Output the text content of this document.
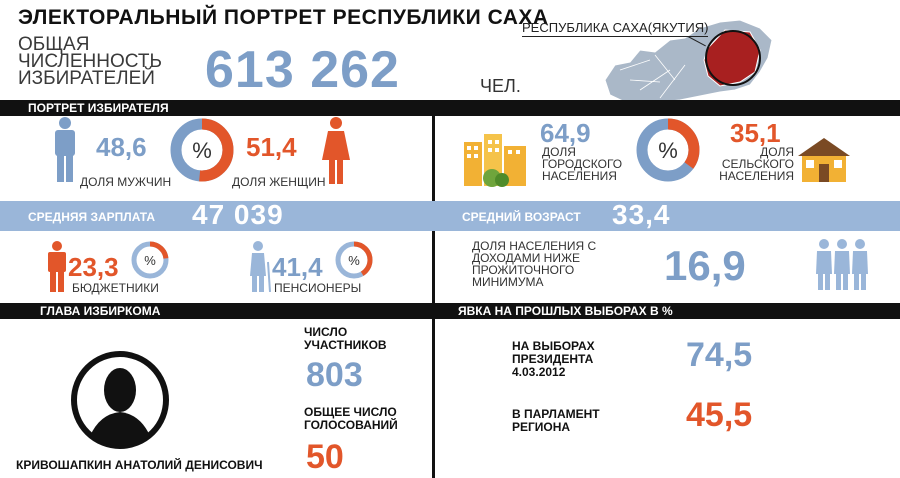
ЭЛЕКТОРАЛЬНЫЙ ПОРТРЕТ РЕСПУБЛИКИ САХА
ОБЩАЯ ЧИСЛЕННОСТЬ ИЗБИРАТЕЛЕЙ 613 262	ЧЕЛ.
РЕСПУБЛИКА САХА(ЯКУТИЯ)
ПОРТРЕТ ИЗБИРАТЕЛЯ
48,6
ДОЛЯ МУЖЧИН
% 51,4
ДОЛЯ ЖЕНЩИН
64,9
ДОЛЯ ГОРОДСКОГО НАСЕЛЕНИЯ
%
35,1
ДОЛЯ СЕЛЬСКОГО НАСЕЛЕНИЯ
СРЕДНЯЯ ЗАРПЛАТА 47 039	СРЕДНИЙ ВОЗРАСТ 33,4
23,3 %
БЮДЖЕТНИКИ
41,4 %
ПЕНСИОНЕРЫ
ДОЛЯ НАСЕЛЕНИЯ С ДОХОДАМИ НИЖЕ ПРОЖИТОЧНОГО МИНИМУМА	16,9
ГЛАВА ИЗБИРКОМА	ЯВКА НА ПРОШЛЫХ ВЫБОРАХ В %
КРИВОШАПКИН АНАТОЛИЙ ДЕНИСОВИЧ
ЧИСЛО УЧАСТНИКОВ
803
ОБЩЕЕ ЧИСЛО ГОЛОСОВАНИЙ
50
НА ВЫБОРАХ ПРЕЗИДЕНТА 4.03.2012	74,5
В ПАРЛАМЕНТ РЕГИОНА	45,5
